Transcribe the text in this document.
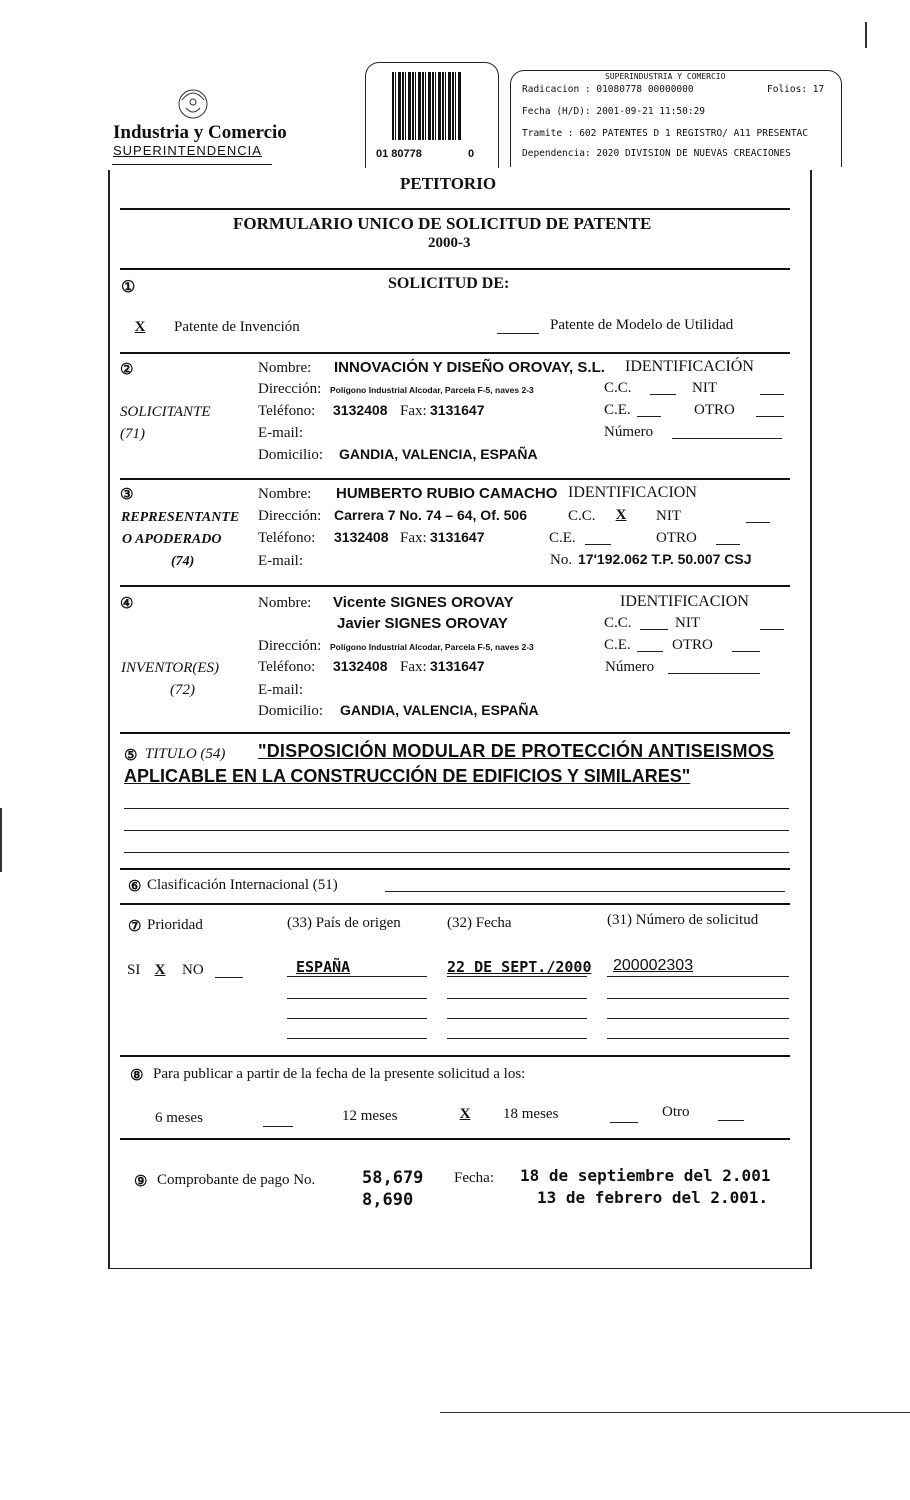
Industria y Comercio
SUPERINTENDENCIA	01 80778	0
SUPERINDUSTRIA Y COMERCIO
Radicacion : 01080778 00000000	Folios: 17
Fecha (H/D): 2001-09-21 11:50:29
Tramite : 602 PATENTES D 1 REGISTRO/ A11 PRESENTAC
Dependencia: 2020 DIVISION DE NUEVAS CREACIONES
PETITORIO
FORMULARIO UNICO DE SOLICITUD DE PATENTE
2000-3
①	SOLICITUD DE:
X	Patente de Invención	Patente de Modelo de Utilidad
②	Nombre: INNOVACIÓN Y DISEÑO OROVAY, S.L. IDENTIFICACIÓN
Dirección: Polígono Industrial Alcodar, Parcela F-5, naves 2-3	C.C.	NIT
SOLICITANTE	Teléfono: 3132408 Fax: 3131647	C.E.	OTRO
(71)	E-mail:	Número
Domicilio: GANDIA, VALENCIA, ESPAÑA
③	Nombre: HUMBERTO RUBIO CAMACHO IDENTIFICACION
REPRESENTANTE Dirección: Carrera 7 No. 74 – 64, Of. 506	C.C.	X	NIT
O APODERADO Teléfono: 3132408 Fax: 3131647	C.E.	OTRO
(74)	E-mail:	No. 17'192.062 T.P. 50.007 CSJ
④	Nombre: Vicente SIGNES OROVAY	IDENTIFICACION
Javier SIGNES OROVAY	C.C.	NIT
Dirección: Polígono Industrial Alcodar, Parcela F-5, naves 2-3	C.E.	OTRO
INVENTOR(ES)	Teléfono: 3132408 Fax: 3131647	Número
(72)	E-mail:
Domicilio: GANDIA, VALENCIA, ESPAÑA
⑤ TITULO (54) "DISPOSICIÓN MODULAR DE PROTECCIÓN ANTISEISMOS
APLICABLE EN LA CONSTRUCCIÓN DE EDIFICIOS Y SIMILARES"
⑥ Clasificación Internacional (51)
⑦ Prioridad	(33) País de origen	(32) Fecha	(31) Número de solicitud
SI X	NO	ESPAÑA	22 DE SEPT./2000 200002303
⑧ Para publicar a partir de la fecha de la presente solicitud a los:
6 meses	12 meses	X	18 meses	Otro
⑨ Comprobante de pago No.	58,679
8,690
Fecha: 18 de septiembre del 2.001
13 de febrero del 2.001.
